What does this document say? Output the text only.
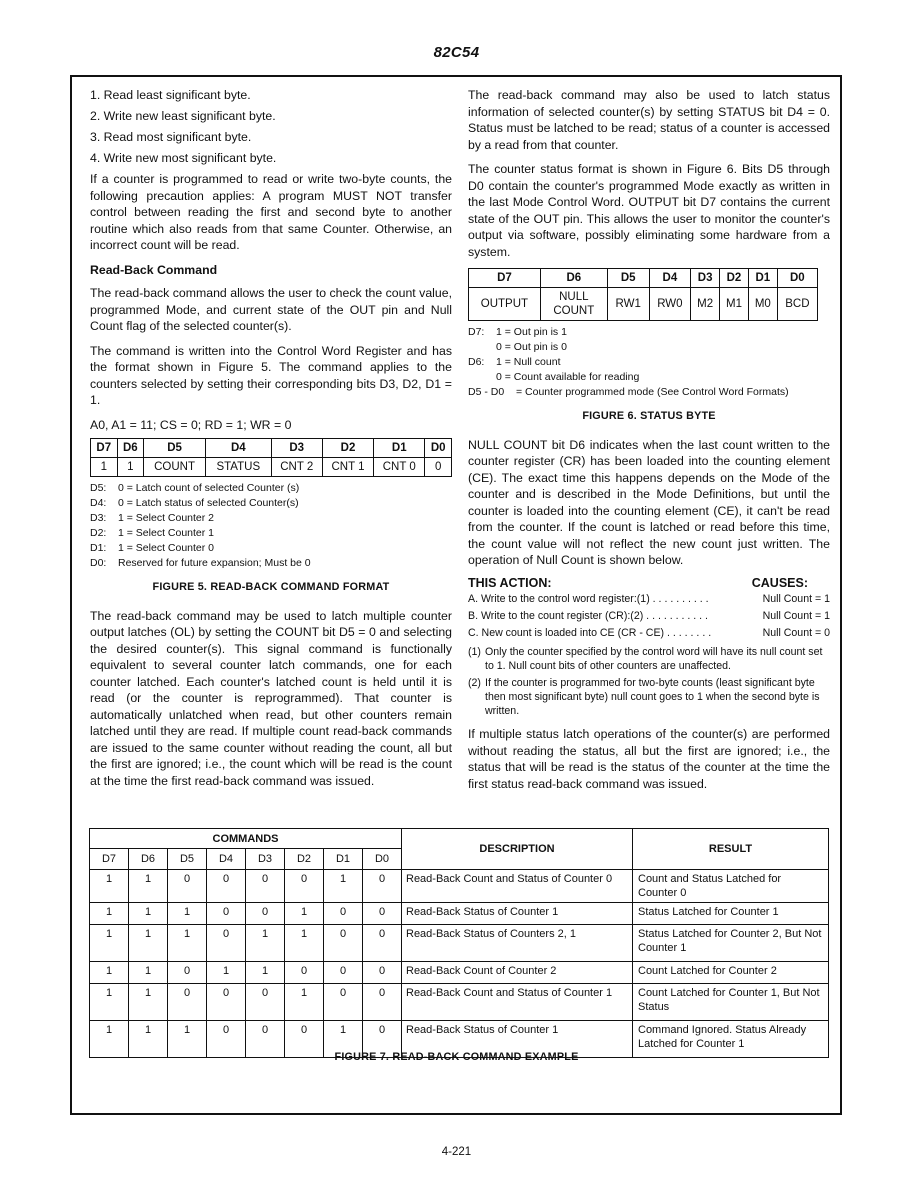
82C54
1. Read least significant byte.
2. Write new least significant byte.
3. Read most significant byte.
4. Write new most significant byte.

If a counter is programmed to read or write two-byte counts, the following precaution applies: A program MUST NOT transfer control between reading the first and second byte to another routine which also reads from that same Counter. Otherwise, an incorrect count will be read.

Read-Back Command

The read-back command allows the user to check the count value, programmed Mode, and current state of the OUT pin and Null Count flag of the selected counter(s).

The command is written into the Control Word Register and has the format shown in Figure 5. The command applies to the counters selected by setting their corresponding bits D3, D2, D1 = 1.

A0, A1 = 11; CS = 0; RD = 1; WR = 0
D7	D6	D5	D4	D3	D2	D1	D0
1	1	COUNT	STATUS	CNT 2	CNT 1	CNT 0	0
D5:	0 = Latch count of selected Counter (s)
D4:	0 = Latch status of selected Counter(s)
D3:	1 = Select Counter 2
D2:	1 = Select Counter 1
D1:	1 = Select Counter 0
D0:	Reserved for future expansion; Must be 0
FIGURE 5. READ-BACK COMMAND FORMAT

The read-back command may be used to latch multiple counter output latches (OL) by setting the COUNT bit D5 = 0 and selecting the desired counter(s). This signal command is functionally equivalent to several counter latch commands, one for each counter latched. Each counter's latched count is held until it is read (or the counter is reprogrammed). That counter is automatically unlatched when read, but other counters remain latched until they are read. If multiple count read-back commands are issued to the same counter without reading the count, all but the first are ignored; i.e., the count which will be read is the count at the time the first read-back command was issued.

The read-back command may also be used to latch status information of selected counter(s) by setting STATUS bit D4 = 0. Status must be latched to be read; status of a counter is accessed by a read from that counter.

The counter status format is shown in Figure 6. Bits D5 through D0 contain the counter's programmed Mode exactly as written in the last Mode Control Word. OUTPUT bit D7 contains the current state of the OUT pin. This allows the user to monitor the counter's output via software, possibly eliminating some hardware from a system.

D7	D6	D5	D4	D3	D2	D1	D0
OUTPUT	NULL COUNT	RW1	RW0	M2	M1	M0	BCD
D7:	1 = Out pin is 1
0 = Out pin is 0
D6:	1 = Null count
0 = Count available for reading
D5 - D0	= Counter programmed mode (See Control Word Formats)
FIGURE 6. STATUS BYTE

NULL COUNT bit D6 indicates when the last count written to the counter register (CR) has been loaded into the counting element (CE). The exact time this happens depends on the Mode of the counter and is described in the Mode Definitions, but until the counter is loaded into the counting element (CE), it can't be read from the counter. If the count is latched or read before this time, the count value will not reflect the new count just written. The operation of Null Count is shown below.

THIS ACTION:	CAUSES:
A. Write to the control word register:(1) . . . . . . . . . .	Null Count = 1
B. Write to the count register (CR):(2) . . . . . . . . . . .	Null Count = 1
C. New count is loaded into CE (CR - CE) . . . . . . . .	Null Count = 0
(1) Only the counter specified by the control word will have its null count set to 1. Null count bits of other counters are unaffected.
(2) If the counter is programmed for two-byte counts (least significant byte then most significant byte) null count goes to 1 when the second byte is written.

If multiple status latch operations of the counter(s) are performed without reading the status, all but the first are ignored; i.e., the status that will be read is the status of the counter at the time the first status read-back command was issued.

COMMANDS								DESCRIPTION	RESULT
D7	D6	D5	D4	D3	D2	D1	D0		
1	1	0	0	0	0	1	0	Read-Back Count and Status of Counter 0	Count and Status Latched for Counter 0
1	1	1	0	0	1	0	0	Read-Back Status of Counter 1	Status Latched for Counter 1
1	1	1	0	1	1	0	0	Read-Back Status of Counters 2, 1	Status Latched for Counter 2, But Not Counter 1
1	1	0	1	1	0	0	0	Read-Back Count of Counter 2	Count Latched for Counter 2
1	1	0	0	0	1	0	0	Read-Back Count and Status of Counter 1	Count Latched for Counter 1, But Not Status
1	1	1	0	0	0	1	0	Read-Back Status of Counter 1	Command Ignored. Status Already Latched for Counter 1
FIGURE 7. READ-BACK COMMAND EXAMPLE
4-221
